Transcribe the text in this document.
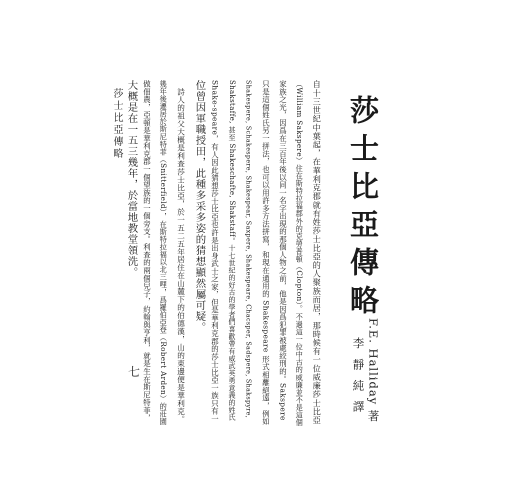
莎士比亞傳略
F.E. Halliday 著
李 靜 純 譯
自十三世紀中葉起，在華利克郡就有姓莎士比亞的人聚族而居，那時候有一位威廉莎士比亞
（William Sakspere）住在斯特拉福郡外的克勞普頓（Clopton）。不過這一位中古的威廉並不是這個
家族之光，因爲在三百年後以同一名字出現的那個人物之前，他是因爲犯罪被處絞刑的。Sakspere
只是這個姓氏另一拼法，也可以用許多方法拼寫，和現在通用的 Shakespeare 形式相離絕遠，例如
Shakespere, Schakespere, Shakespear, Saxpere, Shakespeare, Chacsper, Sadspere, Shakspyre,
Shakstaffe, 甚至 Shakeschafte, Shakstaff。十七世紀的好古的學者們喜歡帶有威武英勇意義的姓氏
Shake-speare，有人因此猜想莎士比亞也許是出身武士之家，但是華利克郡的莎士比亞一族只有一
位曾因軍職授田，此種多采多姿的猜想顯然屬可疑。
　詩人的祖父大概是利查莎士比亞，於一五二五年居住在山麓下的伯德漢，山的東邊便是華利克。
幾年後遷居於斯尼特菲（Snitterfield），在斯特拉福以北三哩，爲羅伯亞登（Robert Arden）的莊園
做佃農，亞頓是華利克郡一個望族的一個旁支。利查的兩個兒子，約翰與亨利，就是生在斯尼特菲，
大概是在一五三幾年，於當地教堂領洗。
莎士比亞傳略
七
